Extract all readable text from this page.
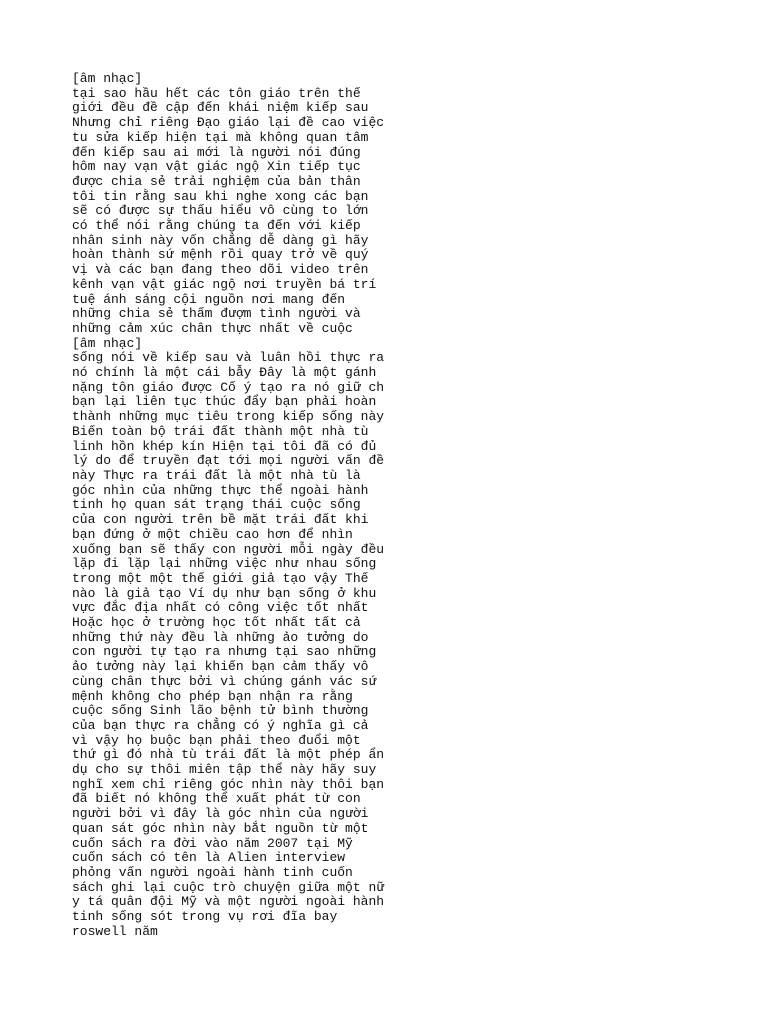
[âm nhạc]

tại sao hầu hết các tôn giáo trên thế

giới đều đề cập đến khái niệm kiếp sau

Nhưng chỉ riêng Đạo giáo lại đề cao việc

tu sửa kiếp hiện tại mà không quan tâm

đến kiếp sau ai mới là người nói đúng

hôm nay vạn vật giác ngộ Xin tiếp tục

được chia sẻ trải nghiệm của bản thân

tôi tin rằng sau khi nghe xong các bạn

sẽ có được sự thấu hiểu vô cùng to lớn

có thể nói rằng chúng ta đến với kiếp

nhân sinh này vốn chẳng dễ dàng gì hãy

hoàn thành sứ mệnh rồi quay trở về quý

vị và các bạn đang theo dõi video trên

kênh vạn vật giác ngộ nơi truyền bá trí

tuệ ánh sáng cội nguồn nơi mang đến

những chia sẻ thấm đượm tình người và

những cảm xúc chân thực nhất về cuộc

[âm nhạc]

sống nói về kiếp sau và luân hồi thực ra

nó chính là một cái bẫy Đây là một gánh

nặng tôn giáo được Cố ý tạo ra nó giữ ch

bạn lại liên tục thúc đẩy bạn phải hoàn

thành những mục tiêu trong kiếp sống này

Biến toàn bộ trái đất thành một nhà tù

linh hồn khép kín Hiện tại tôi đã có đủ

lý do để truyền đạt tới mọi người vấn đề

này Thực ra trái đất là một nhà tù là

góc nhìn của những thực thể ngoài hành

tinh họ quan sát trạng thái cuộc sống

của con người trên bề mặt trái đất khi

bạn đứng ở một chiều cao hơn để nhìn

xuống bạn sẽ thấy con người mỗi ngày đều

lặp đi lặp lại những việc như nhau sống

trong một một thế giới giả tạo vậy Thế

nào là giả tạo Ví dụ như bạn sống ở khu

vực đắc địa nhất có công việc tốt nhất

Hoặc học ở trường học tốt nhất tất cả

những thứ này đều là những ảo tưởng do

con người tự tạo ra nhưng tại sao những

ảo tưởng này lại khiến bạn cảm thấy vô

cùng chân thực bởi vì chúng gánh vác sứ

mệnh không cho phép bạn nhận ra rằng

cuộc sống Sinh lão bệnh tử bình thường

của bạn thực ra chẳng có ý nghĩa gì cả

vì vậy họ buộc bạn phải theo đuổi một

thứ gì đó nhà tù trái đất là một phép ẩn

dụ cho sự thôi miên tập thể này hãy suy

nghĩ xem chỉ riêng góc nhìn này thôi bạn

đã biết nó không thể xuất phát từ con

người bởi vì đây là góc nhìn của người

quan sát góc nhìn này bắt nguồn từ một

cuốn sách ra đời vào năm 2007 tại Mỹ

cuốn sách có tên là Alien interview

phỏng vấn người ngoài hành tinh cuốn

sách ghi lại cuộc trò chuyện giữa một nữ

y tá quân đội Mỹ và một người ngoài hành

tinh sống sót trong vụ rơi đĩa bay

roswell năm
